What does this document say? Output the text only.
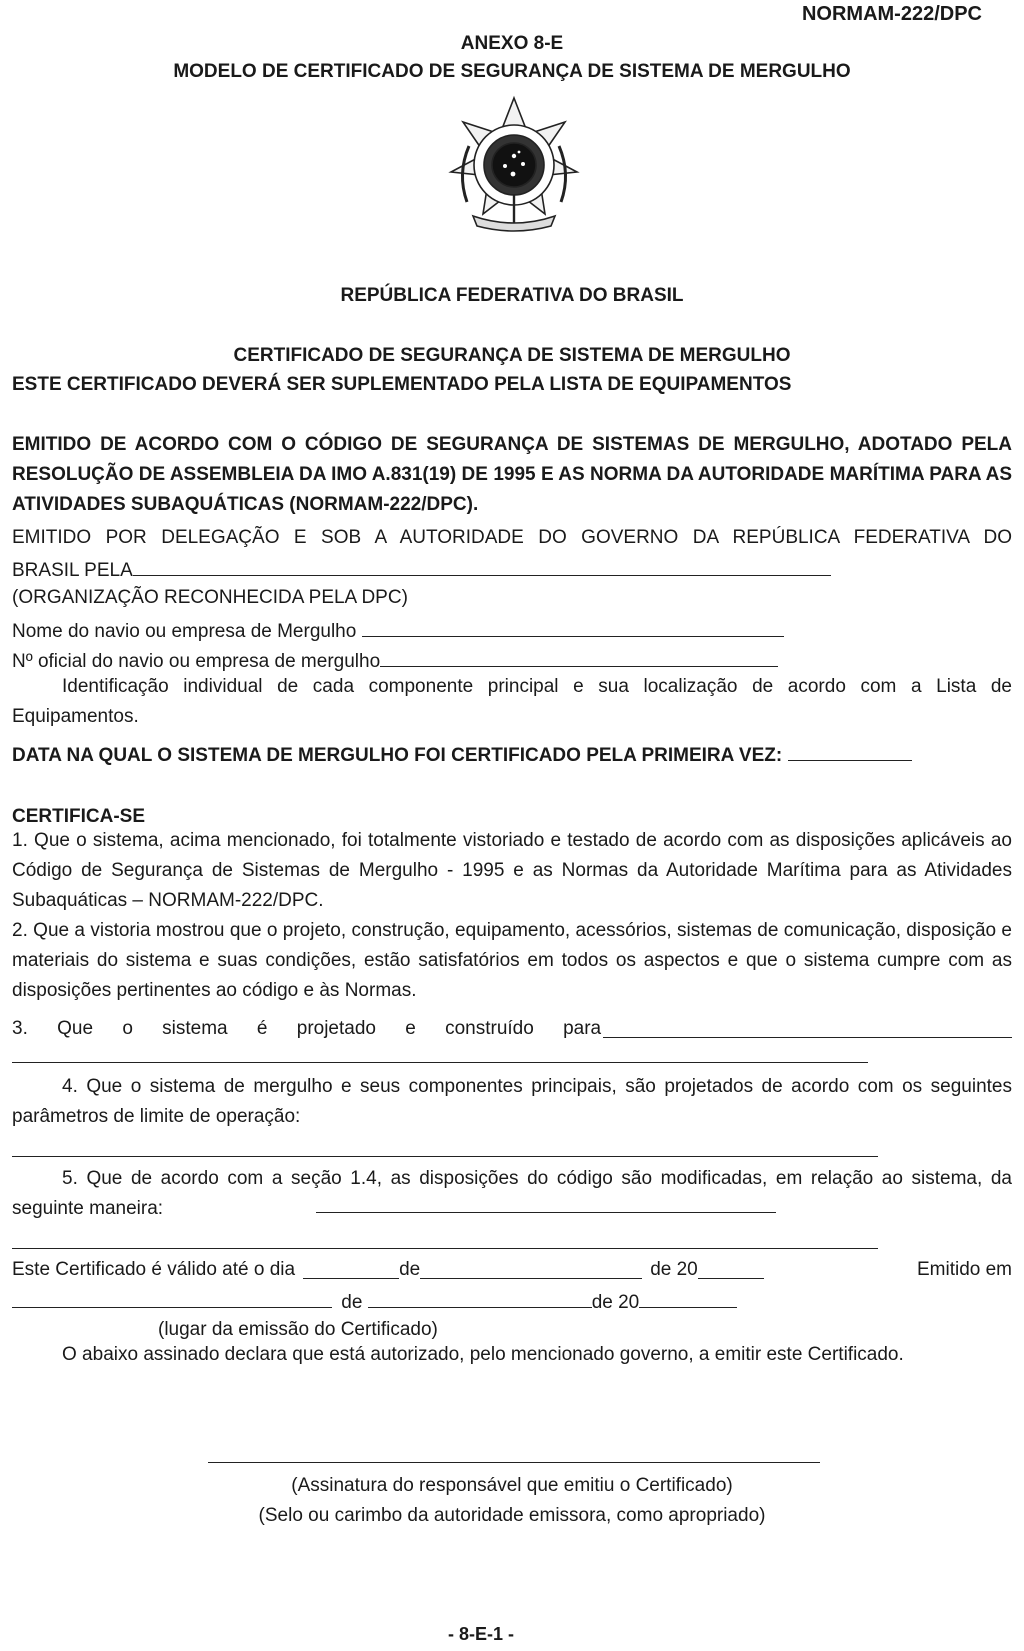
NORMAM-222/DPC
ANEXO 8-E
MODELO DE CERTIFICADO DE SEGURANÇA DE SISTEMA DE MERGULHO
REPÚBLICA FEDERATIVA DO BRASIL
CERTIFICADO DE SEGURANÇA DE SISTEMA DE MERGULHO
ESTE CERTIFICADO DEVERÁ SER SUPLEMENTADO PELA LISTA DE EQUIPAMENTOS
EMITIDO DE ACORDO COM O CÓDIGO DE SEGURANÇA DE SISTEMAS DE MERGULHO, ADOTADO PELA RESOLUÇÃO DE ASSEMBLEIA DA IMO A.831(19) DE 1995 E AS NORMA DA AUTORIDADE MARÍTIMA PARA AS ATIVIDADES SUBAQUÁTICAS (NORMAM-222/DPC).
EMITIDO POR DELEGAÇÃO E SOB A AUTORIDADE DO GOVERNO DA REPÚBLICA FEDERATIVA DO
BRASIL PELA
(ORGANIZAÇÃO RECONHECIDA PELA DPC)
Nome do navio ou empresa de Mergulho
Nº oficial do navio ou empresa de mergulho
Identificação individual de cada componente principal e sua localização de acordo com a Lista de Equipamentos.
DATA NA QUAL O SISTEMA DE MERGULHO FOI CERTIFICADO PELA PRIMEIRA VEZ:
CERTIFICA-SE
1. Que o sistema, acima mencionado, foi totalmente vistoriado e testado de acordo com as disposições aplicáveis ao Código de Segurança de Sistemas de Mergulho - 1995 e as Normas da Autoridade Marítima para as Atividades Subaquáticas – NORMAM-222/DPC.
2. Que a vistoria mostrou que o projeto, construção, equipamento, acessórios, sistemas de comunicação, disposição e materiais do sistema e suas condições, estão satisfatórios em todos os aspectos e que o sistema cumpre com as disposições pertinentes ao código e às Normas.
3. Que o sistema é projetado e construído para
4. Que o sistema de mergulho e seus componentes principais, são projetados de acordo com os seguintes parâmetros de limite de operação:
5. Que de acordo com a seção 1.4, as disposições do código são modificadas, em relação ao sistema, da seguinte maneira:
Este Certificado é válido até o dia	de	de 20	Emitido em
de	de 20
(lugar da emissão do Certificado)
O abaixo assinado declara que está autorizado, pelo mencionado governo, a emitir este Certificado.
(Assinatura do responsável que emitiu o Certificado)
(Selo ou carimbo da autoridade emissora, como apropriado)
- 8-E-1 -
